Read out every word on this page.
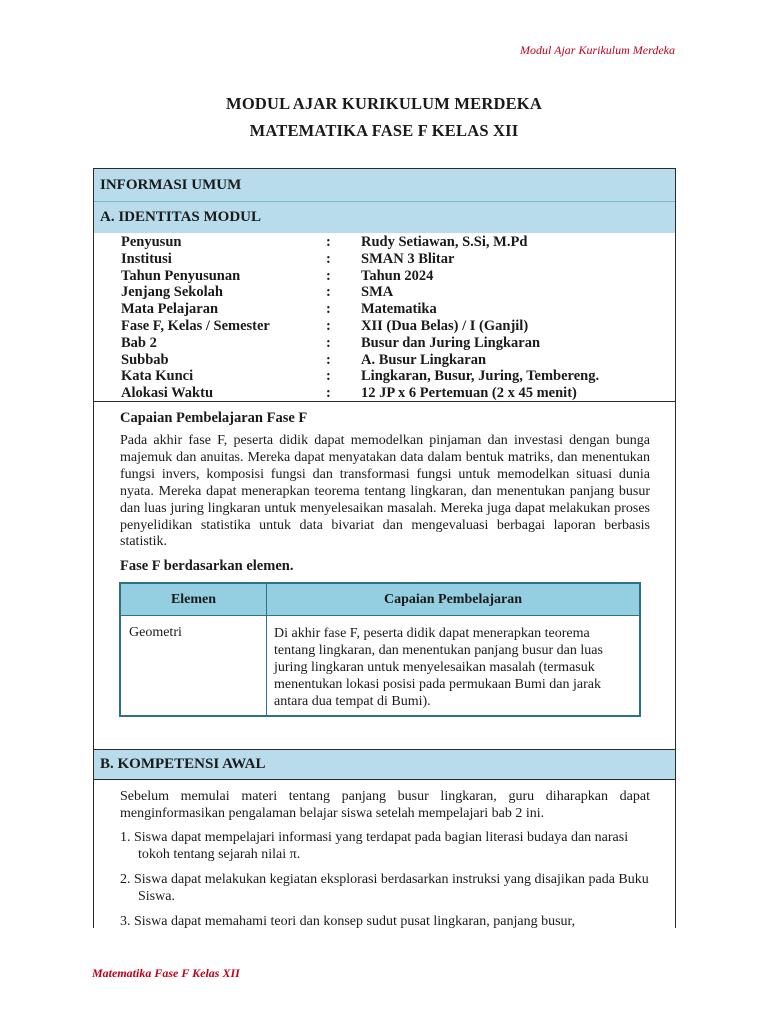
Modul Ajar Kurikulum Merdeka
MODUL AJAR KURIKULUM MERDEKA
MATEMATIKA FASE F KELAS XII
INFORMASI UMUM
A. IDENTITAS MODUL
Penyusun	:	Rudy Setiawan, S.Si, M.Pd
Institusi	:	SMAN 3 Blitar
Tahun Penyusunan	:	Tahun 2024
Jenjang Sekolah	:	SMA
Mata Pelajaran	:	Matematika
Fase F, Kelas / Semester	:	XII (Dua Belas) / I (Ganjil)
Bab 2	:	Busur dan Juring Lingkaran
Subbab	:	A. Busur Lingkaran
Kata Kunci	:	Lingkaran, Busur, Juring, Tembereng.
Alokasi Waktu	:	12 JP x 6 Pertemuan (2 x 45 menit)
Capaian Pembelajaran Fase F
Pada akhir fase F, peserta didik dapat memodelkan pinjaman dan investasi dengan bunga majemuk dan anuitas. Mereka dapat menyatakan data dalam bentuk matriks, dan menentukan fungsi invers, komposisi fungsi dan transformasi fungsi untuk memodelkan situasi dunia nyata. Mereka dapat menerapkan teorema tentang lingkaran, dan menentukan panjang busur dan luas juring lingkaran untuk menyelesaikan masalah. Mereka juga dapat melakukan proses penyelidikan statistika untuk data bivariat dan mengevaluasi berbagai laporan berbasis statistik.
Fase F berdasarkan elemen.
Elemen	Capaian Pembelajaran
Geometri	Di akhir fase F, peserta didik dapat menerapkan teorema tentang lingkaran, dan menentukan panjang busur dan luas juring lingkaran untuk menyelesaikan masalah (termasuk menentukan lokasi posisi pada permukaan Bumi dan jarak antara dua tempat di Bumi).
B. KOMPETENSI AWAL
Sebelum memulai materi tentang panjang busur lingkaran, guru diharapkan dapat menginformasikan pengalaman belajar siswa setelah mempelajari bab 2 ini.
1. Siswa dapat mempelajari informasi yang terdapat pada bagian literasi budaya dan narasi tokoh tentang sejarah nilai π.
2. Siswa dapat melakukan kegiatan eksplorasi berdasarkan instruksi yang disajikan pada Buku Siswa.
3. Siswa dapat memahami teori dan konsep sudut pusat lingkaran, panjang busur,
Matematika Fase F Kelas XII
